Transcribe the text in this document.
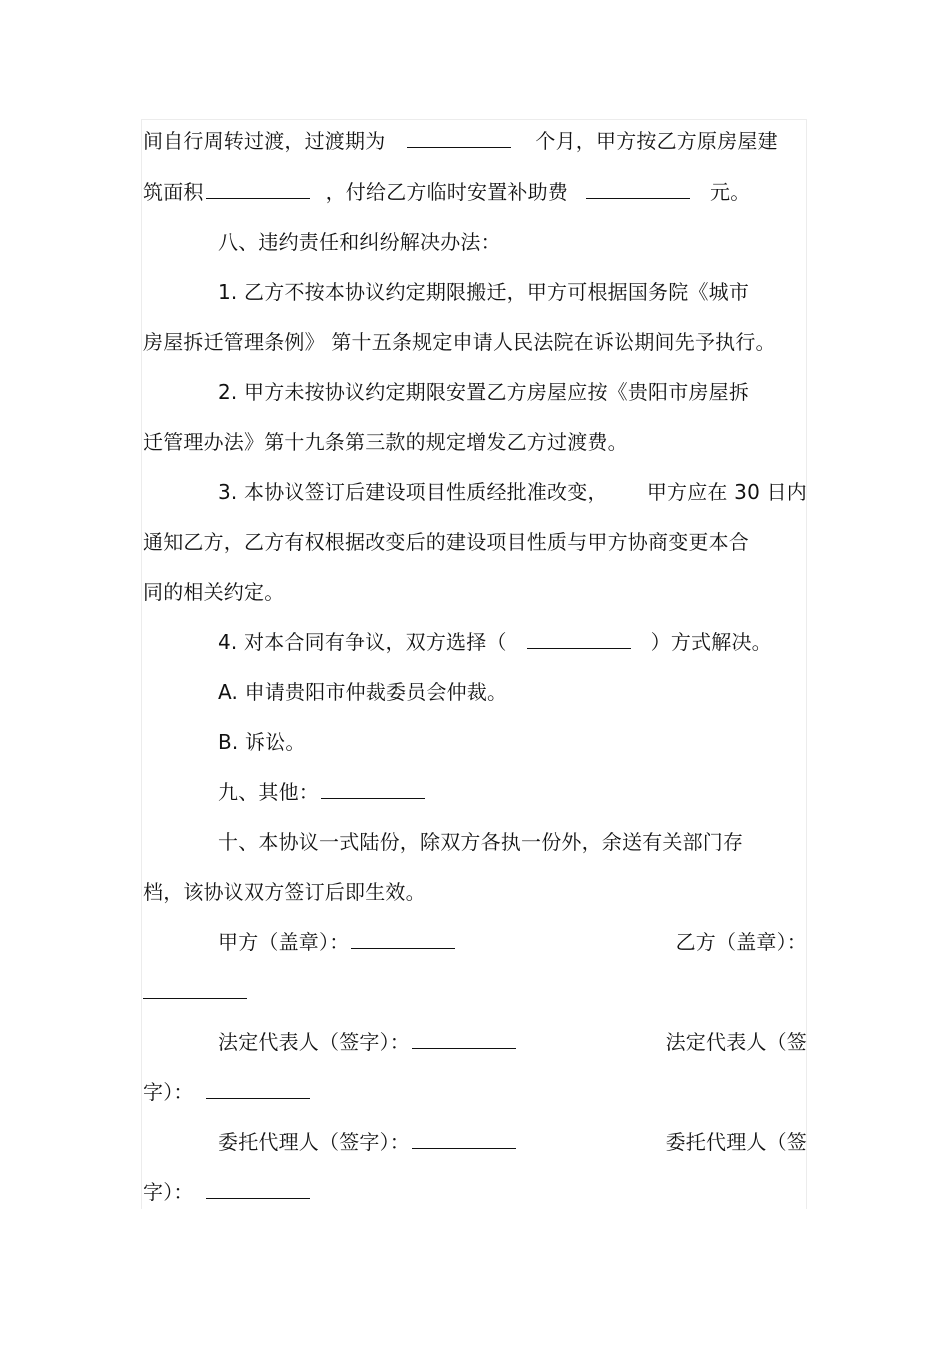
间自行周转过渡，过渡期为	个月，甲方按乙方原房屋建
筑面积	，付给乙方临时安置补助费	元。
八、违约责任和纠纷解决办法：
1. 乙方不按本协议约定期限搬迁，甲方可根据国务院《城市
房屋拆迁管理条例》 第十五条规定申请人民法院在诉讼期间先予执行。
2. 甲方未按协议约定期限安置乙方房屋应按《贵阳市房屋拆
迁管理办法》第十九条第三款的规定增发乙方过渡费。
3. 本协议签订后建设项目性质经批准改变， 甲方应在 30 日内
通知乙方，乙方有权根据改变后的建设项目性质与甲方协商变更本合
同的相关约定。
4. 对本合同有争议，双方选择（	）方式解决。
A. 申请贵阳市仲裁委员会仲裁。
B. 诉讼。
九、其他：
十、本协议一式陆份，除双方各执一份外，余送有关部门存
档，该协议双方签订后即生效。
甲方（盖章）：	乙方（盖章）：
法定代表人（签字）：	法定代表人（签
字）：
委托代理人（签字）：	委托代理人（签
字）：
